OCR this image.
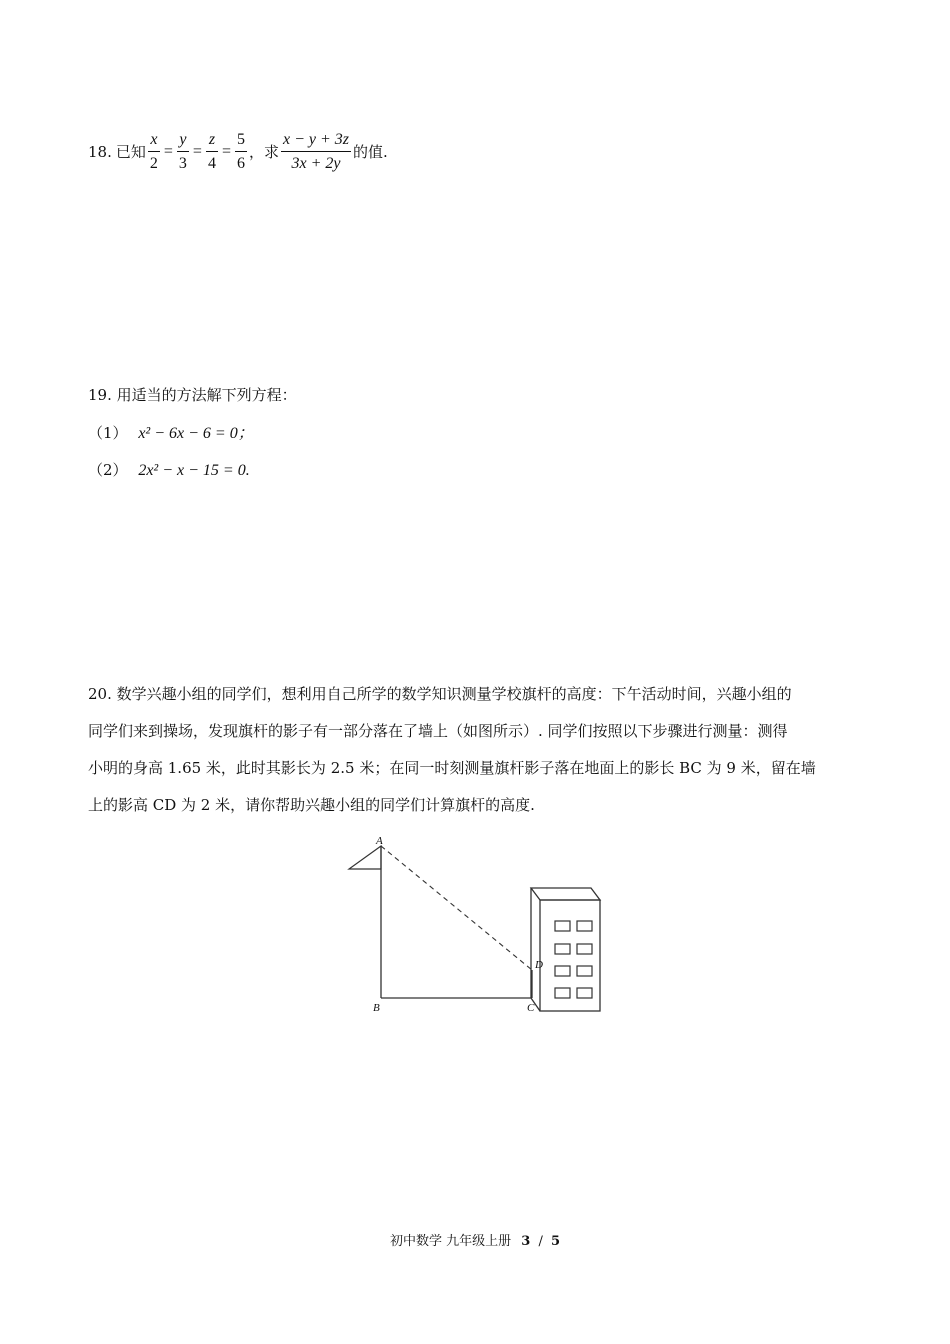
18. 已知 $\frac{x}{2} = \frac{y}{3} = \frac{z}{4} = \frac{5}{6}$ ，求 $\frac{x - y + 3z}{3x + 2y}$ 的值.
19. 用适当的方法解下列方程：
（1） x² − 6x − 6 = 0；
（2） 2x² − x − 15 = 0.

20. 数学兴趣小组的同学们，想利用自己所学的数学知识测量学校旗杆的高度：下午活动时间，兴趣小组的

同学们来到操场，发现旗杆的影子有一部分落在了墙上（如图所示）. 同学们按照以下步骤进行测量：测得

小明的身高 1.65 米，此时其影长为 2.5 米；在同一时刻测量旗杆影子落在地面上的影长 BC 为 9 米，留在墙

上的影高 CD 为 2 米，请你帮助兴趣小组的同学们计算旗杆的高度.

A
B	C
D
初中数学 九年级上册 3 / 5
